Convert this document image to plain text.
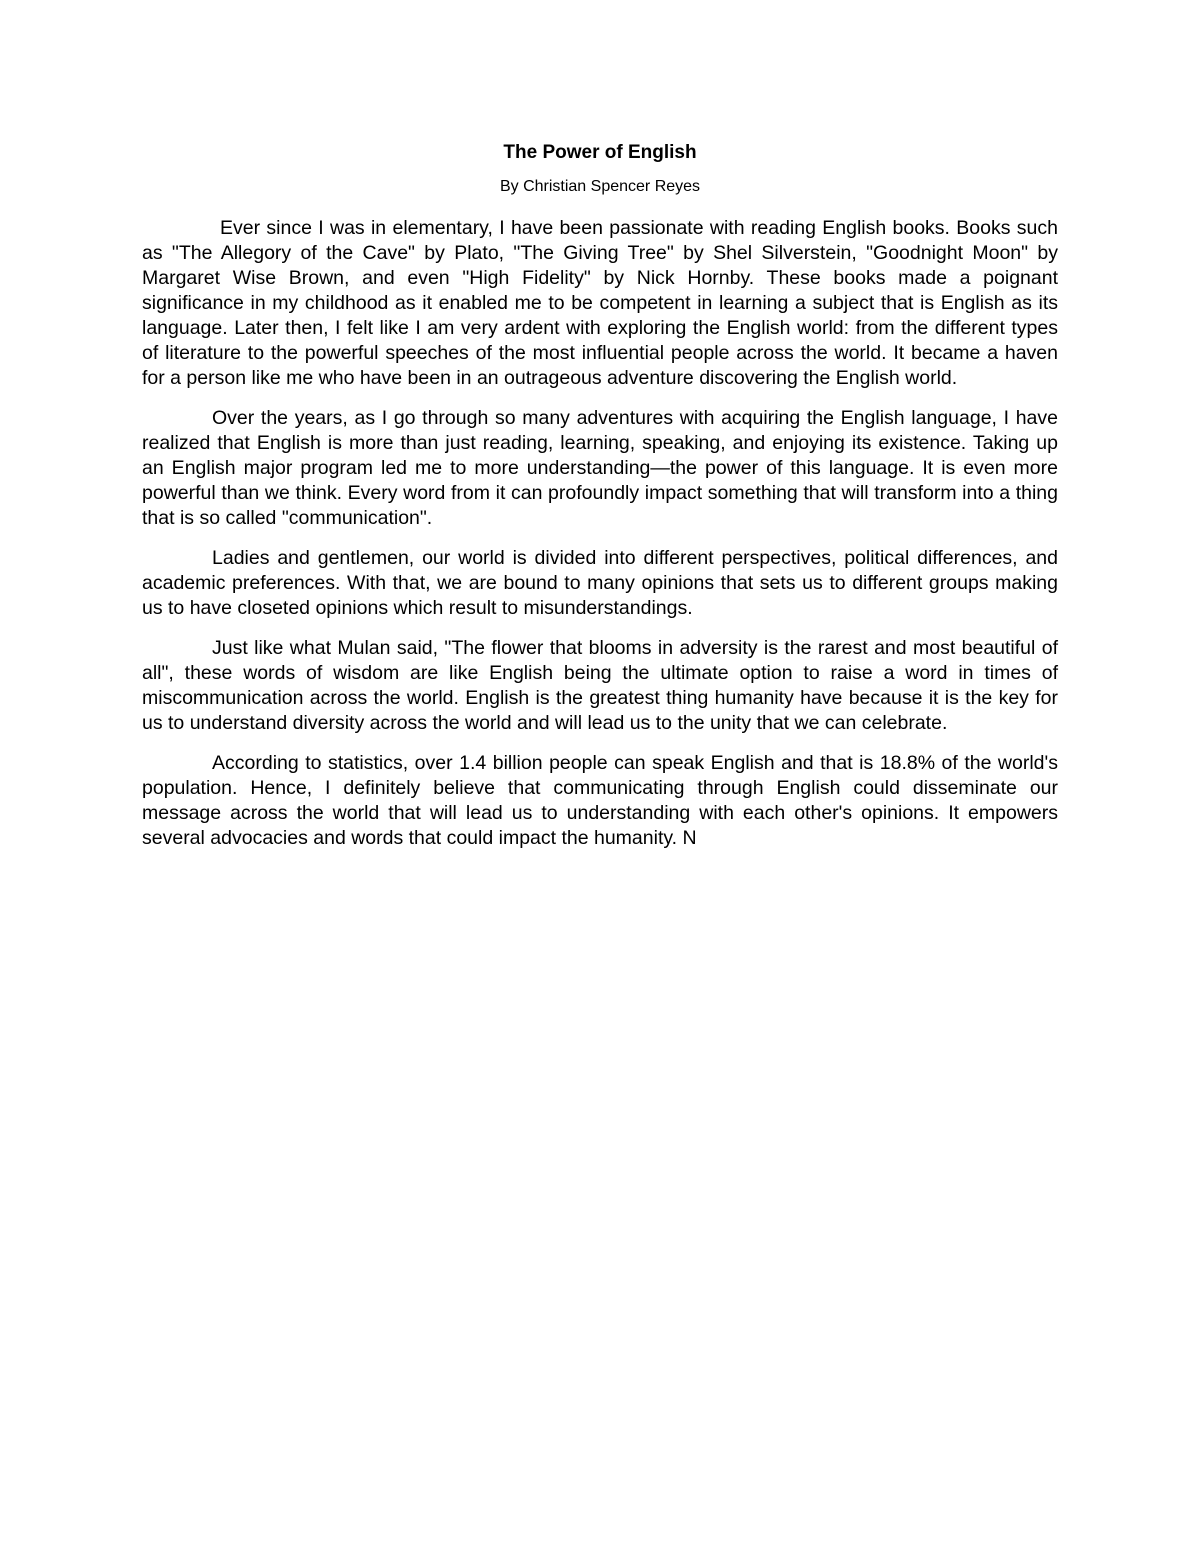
The Power of English

By Christian Spencer Reyes

Ever since I was in elementary, I have been passionate with reading English books. Books such as "The Allegory of the Cave" by Plato, "The Giving Tree" by Shel Silverstein, "Goodnight Moon" by Margaret Wise Brown, and even "High Fidelity" by Nick Hornby. These books made a poignant significance in my childhood as it enabled me to be competent in learning a subject that is English as its language. Later then, I felt like I am very ardent with exploring the English world: from the different types of literature to the powerful speeches of the most influential people across the world. It became a haven for a person like me who have been in an outrageous adventure discovering the English world.

Over the years, as I go through so many adventures with acquiring the English language, I have realized that English is more than just reading, learning, speaking, and enjoying its existence. Taking up an English major program led me to more understanding—the power of this language. It is even more powerful than we think. Every word from it can profoundly impact something that will transform into a thing that is so called "communication".

Ladies and gentlemen, our world is divided into different perspectives, political differences, and academic preferences. With that, we are bound to many opinions that sets us to different groups making us to have closeted opinions which result to misunderstandings.

Just like what Mulan said, "The flower that blooms in adversity is the rarest and most beautiful of all", these words of wisdom are like English being the ultimate option to raise a word in times of miscommunication across the world. English is the greatest thing humanity have because it is the key for us to understand diversity across the world and will lead us to the unity that we can celebrate.

According to statistics, over 1.4 billion people can speak English and that is 18.8% of the world's population. Hence, I definitely believe that communicating through English could disseminate our message across the world that will lead us to understanding with each other's opinions. It empowers several advocacies and words that could impact the humanity. N
